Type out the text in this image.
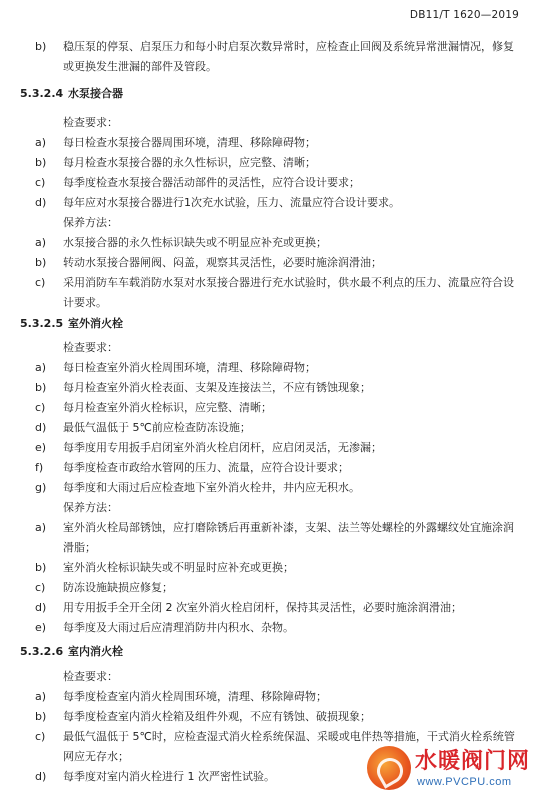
DB11/T 1620—2019
b) 稳压泵的停泵、启泵压力和每小时启泵次数异常时，应检查止回阀及系统异常泄漏情况，修复或更换发生泄漏的部件及管段。
5.3.2.4 水泵接合器
检查要求：
a) 每日检查水泵接合器周围环境，清理、移除障碍物；
b) 每月检查水泵接合器的永久性标识，应完整、清晰；
c) 每季度检查水泵接合器活动部件的灵活性，应符合设计要求；
d) 每年应对水泵接合器进行1次充水试验，压力、流量应符合设计要求。
保养方法：
a) 水泵接合器的永久性标识缺失或不明显应补充或更换；
b) 转动水泵接合器闸阀、闷盖，观察其灵活性，必要时施涂润滑油；
c) 采用消防车车载消防水泵对水泵接合器进行充水试验时，供水最不利点的压力、流量应符合设计要求。
5.3.2.5 室外消火栓
检查要求：
a) 每日检查室外消火栓周围环境，清理、移除障碍物；
b) 每月检查室外消火栓表面、支架及连接法兰，不应有锈蚀现象；
c) 每月检查室外消火栓标识，应完整、清晰；
d) 最低气温低于 5℃前应检查防冻设施；
e) 每季度用专用扳手启闭室外消火栓启闭杆，应启闭灵活，无渗漏；
f) 每季度检查市政给水管网的压力、流量，应符合设计要求；
g) 每季度和大雨过后应检查地下室外消火栓井，井内应无积水。
保养方法：
a) 室外消火栓局部锈蚀，应打磨除锈后再重新补漆，支架、法兰等处螺栓的外露螺纹处宜施涂润滑脂；
b) 室外消火栓标识缺失或不明显时应补充或更换；
c) 防冻设施缺损应修复；
d) 用专用扳手全开全闭 2 次室外消火栓启闭杆，保持其灵活性，必要时施涂润滑油；
e) 每季度及大雨过后应清理消防井内积水、杂物。
5.3.2.6 室内消火栓
检查要求：
a) 每季度检查室内消火栓周围环境，清理、移除障碍物；
b) 每季度检查室内消火栓箱及组件外观，不应有锈蚀、破损现象；
c) 最低气温低于 5℃时，应检查湿式消火栓系统保温、采暖或电伴热等措施，干式消火栓系统管网应无存水；
d) 每季度对室内消火栓进行 1 次严密性试验。
水暖阀门网
www.PVCPU.com
